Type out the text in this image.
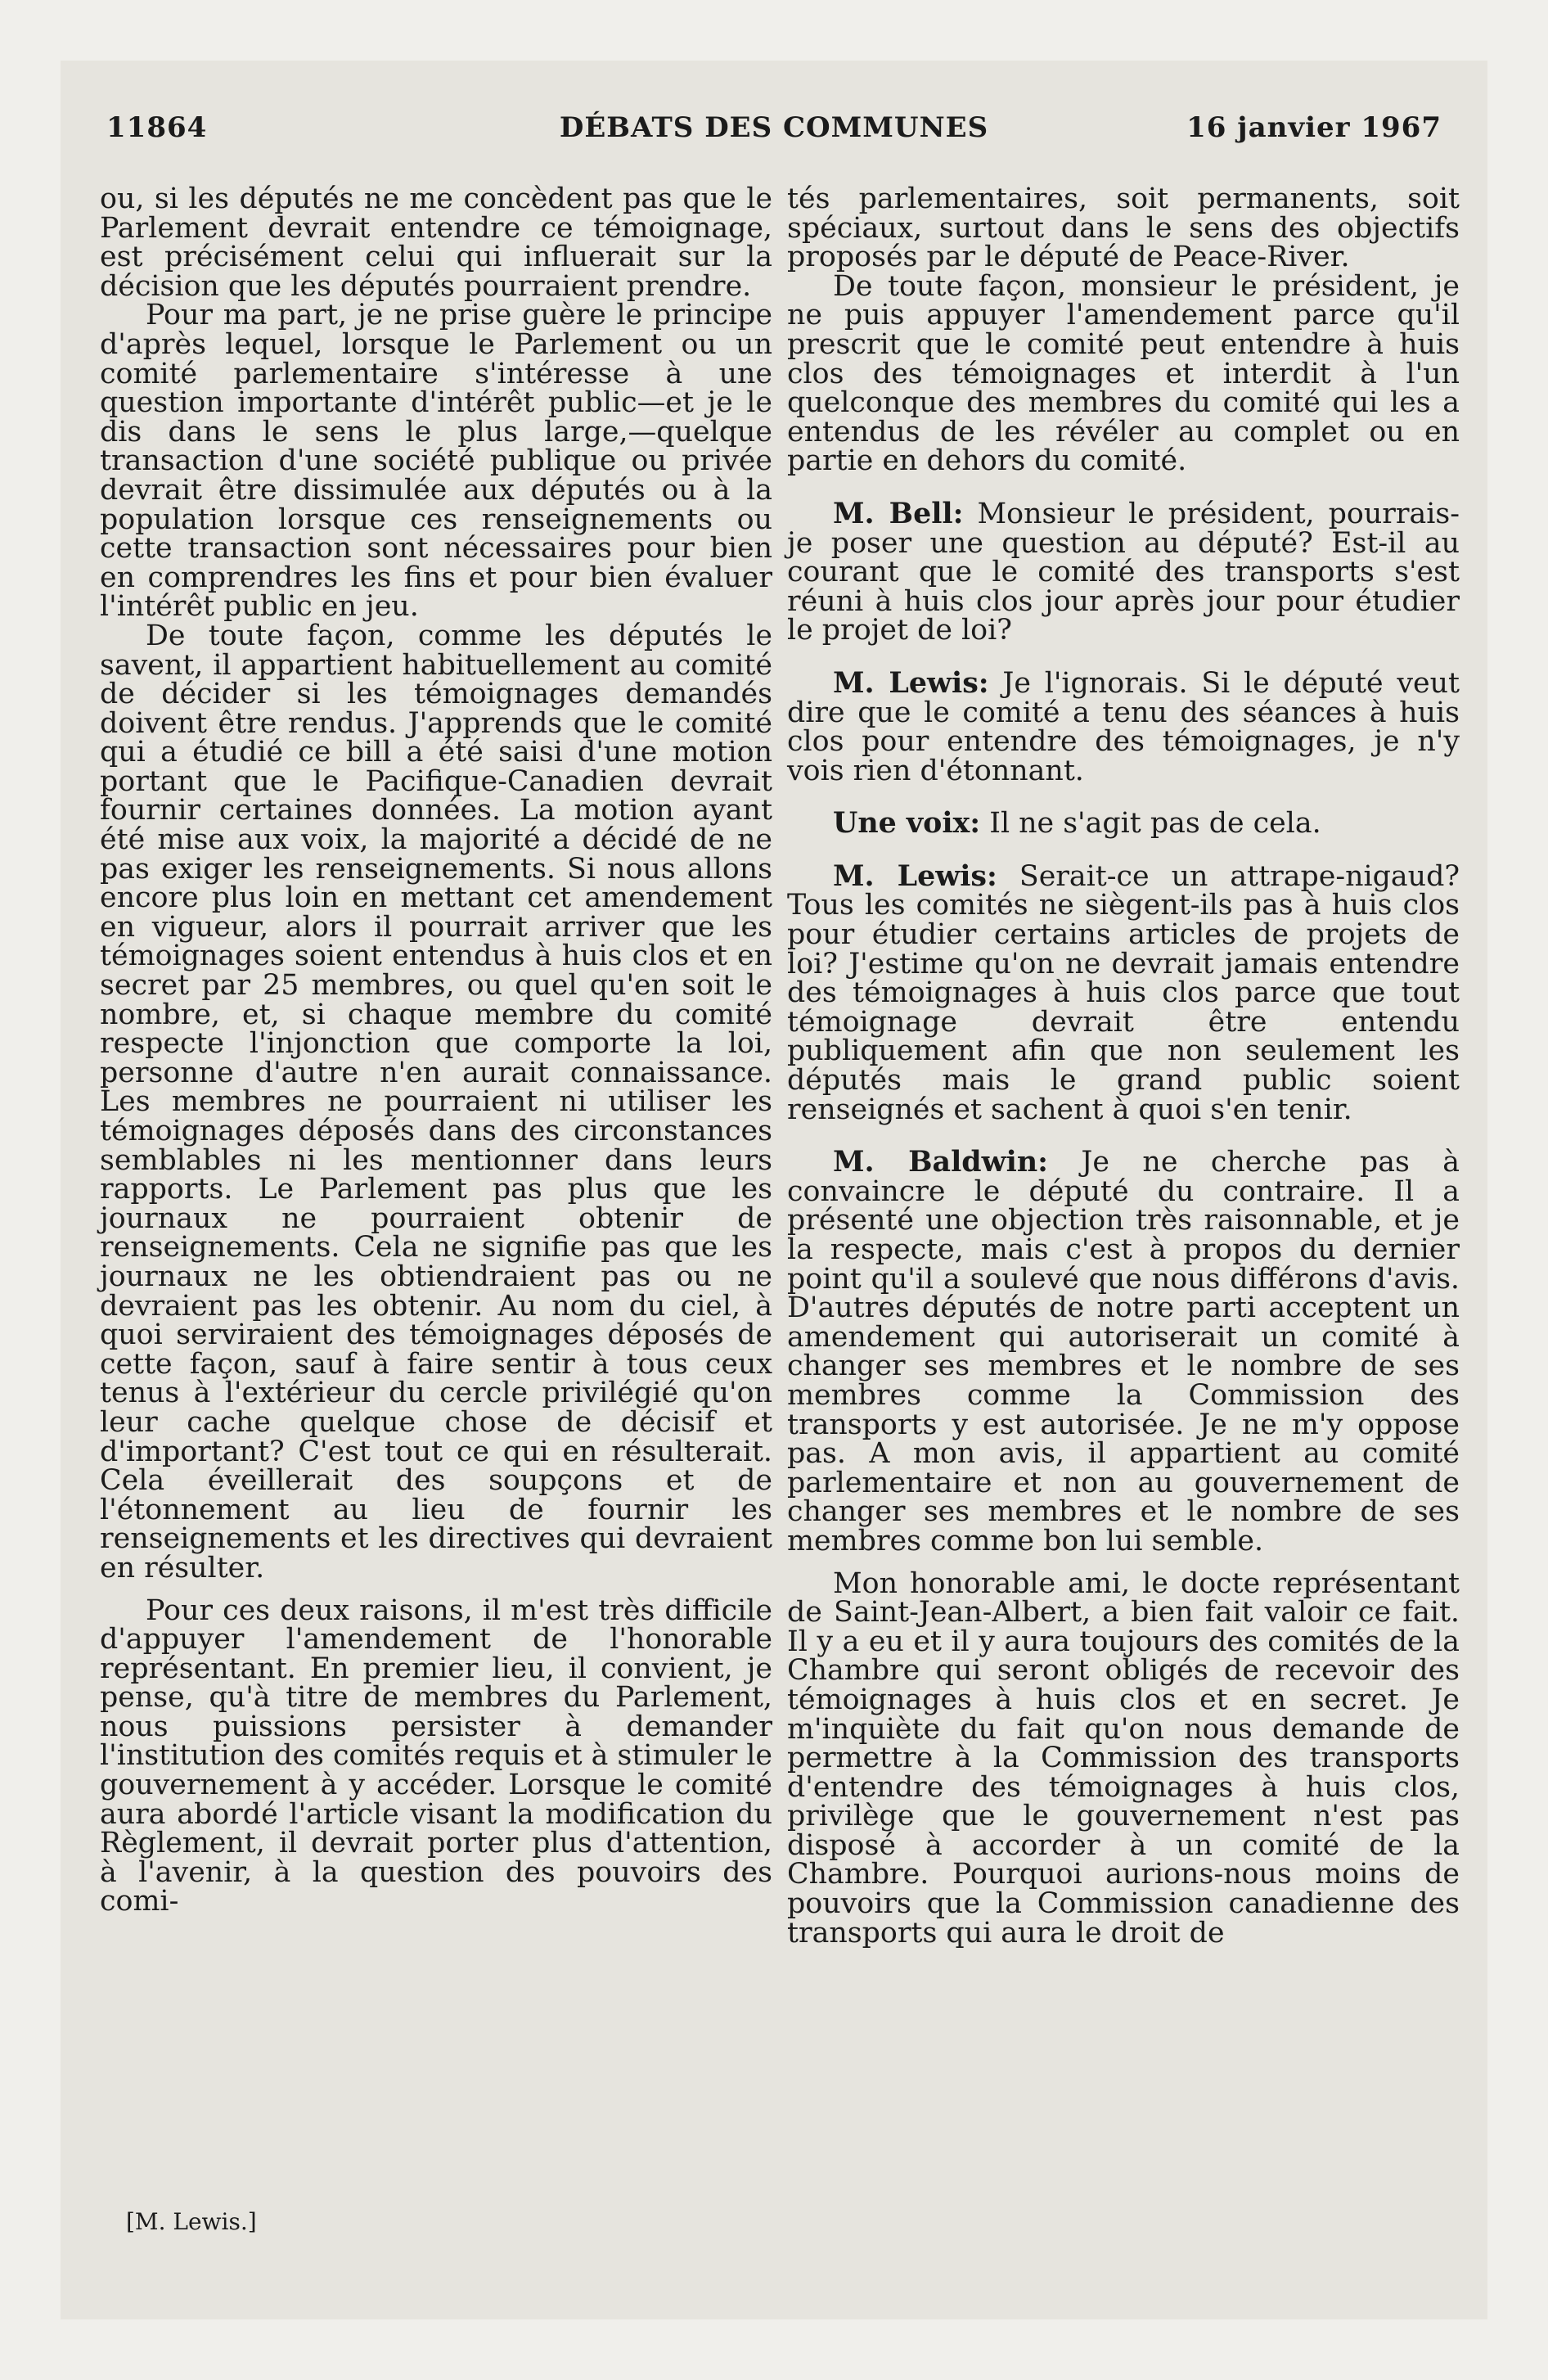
DÉBATS DES COMMUNES
11864	16 janvier 1967

ou, si les députés ne me concèdent pas que le Parlement devrait entendre ce témoignage, est précisément celui qui influerait sur la décision que les députés pourraient prendre.

Pour ma part, je ne prise guère le principe d'après lequel, lorsque le Parlement ou un comité parlementaire s'intéresse à une question importante d'intérêt public—et je le dis dans le sens le plus large,—quelque transaction d'une société publique ou privée devrait être dissimulée aux députés ou à la population lorsque ces renseignements ou cette transaction sont nécessaires pour bien en comprendres les fins et pour bien évaluer l'intérêt public en jeu.

De toute façon, comme les députés le savent, il appartient habituellement au comité de décider si les témoignages demandés doivent être rendus. J'apprends que le comité qui a étudié ce bill a été saisi d'une motion portant que le Pacifique-Canadien devrait fournir certaines données. La motion ayant été mise aux voix, la majorité a décidé de ne pas exiger les renseignements. Si nous allons encore plus loin en mettant cet amendement en vigueur, alors il pourrait arriver que les témoignages soient entendus à huis clos et en secret par 25 membres, ou quel qu'en soit le nombre, et, si chaque membre du comité respecte l'injonction que comporte la loi, personne d'autre n'en aurait connaissance. Les membres ne pourraient ni utiliser les témoignages déposés dans des circonstances semblables ni les mentionner dans leurs rapports. Le Parlement pas plus que les journaux ne pourraient obtenir de renseignements. Cela ne signifie pas que les journaux ne les obtiendraient pas ou ne devraient pas les obtenir. Au nom du ciel, à quoi serviraient des témoignages déposés de cette façon, sauf à faire sentir à tous ceux tenus à l'extérieur du cercle privilégié qu'on leur cache quelque chose de décisif et d'important? C'est tout ce qui en résulterait. Cela éveillerait des soupçons et de l'étonnement au lieu de fournir les renseignements et les directives qui devraient en résulter.

Pour ces deux raisons, il m'est très difficile d'appuyer l'amendement de l'honorable représentant. En premier lieu, il convient, je pense, qu'à titre de membres du Parlement, nous puissions persister à demander l'institution des comités requis et à stimuler le gouvernement à y accéder. Lorsque le comité aura abordé l'article visant la modification du Règlement, il devrait porter plus d'attention, à l'avenir, à la question des pouvoirs des comi-

[M. Lewis.]

tés parlementaires, soit permanents, soit spéciaux, surtout dans le sens des objectifs proposés par le député de Peace-River.

De toute façon, monsieur le président, je ne puis appuyer l'amendement parce qu'il prescrit que le comité peut entendre à huis clos des témoignages et interdit à l'un quelconque des membres du comité qui les a entendus de les révéler au complet ou en partie en dehors du comité.

M. Bell: Monsieur le président, pourrais-je poser une question au député? Est-il au courant que le comité des transports s'est réuni à huis clos jour après jour pour étudier le projet de loi?

M. Lewis: Je l'ignorais. Si le député veut dire que le comité a tenu des séances à huis clos pour entendre des témoignages, je n'y vois rien d'étonnant.

Une voix: Il ne s'agit pas de cela.

M. Lewis: Serait-ce un attrape-nigaud? Tous les comités ne siègent-ils pas à huis clos pour étudier certains articles de projets de loi? J'estime qu'on ne devrait jamais entendre des témoignages à huis clos parce que tout témoignage devrait être entendu publiquement afin que non seulement les députés mais le grand public soient renseignés et sachent à quoi s'en tenir.

M. Baldwin: Je ne cherche pas à convaincre le député du contraire. Il a présenté une objection très raisonnable, et je la respecte, mais c'est à propos du dernier point qu'il a soulevé que nous différons d'avis. D'autres députés de notre parti acceptent un amendement qui autoriserait un comité à changer ses membres et le nombre de ses membres comme la Commission des transports y est autorisée. Je ne m'y oppose pas. A mon avis, il appartient au comité parlementaire et non au gouvernement de changer ses membres et le nombre de ses membres comme bon lui semble.

Mon honorable ami, le docte représentant de Saint-Jean-Albert, a bien fait valoir ce fait. Il y a eu et il y aura toujours des comités de la Chambre qui seront obligés de recevoir des témoignages à huis clos et en secret. Je m'inquiète du fait qu'on nous demande de permettre à la Commission des transports d'entendre des témoignages à huis clos, privilège que le gouvernement n'est pas disposé à accorder à un comité de la Chambre. Pourquoi aurions-nous moins de pouvoirs que la Commission canadienne des transports qui aura le droit de
